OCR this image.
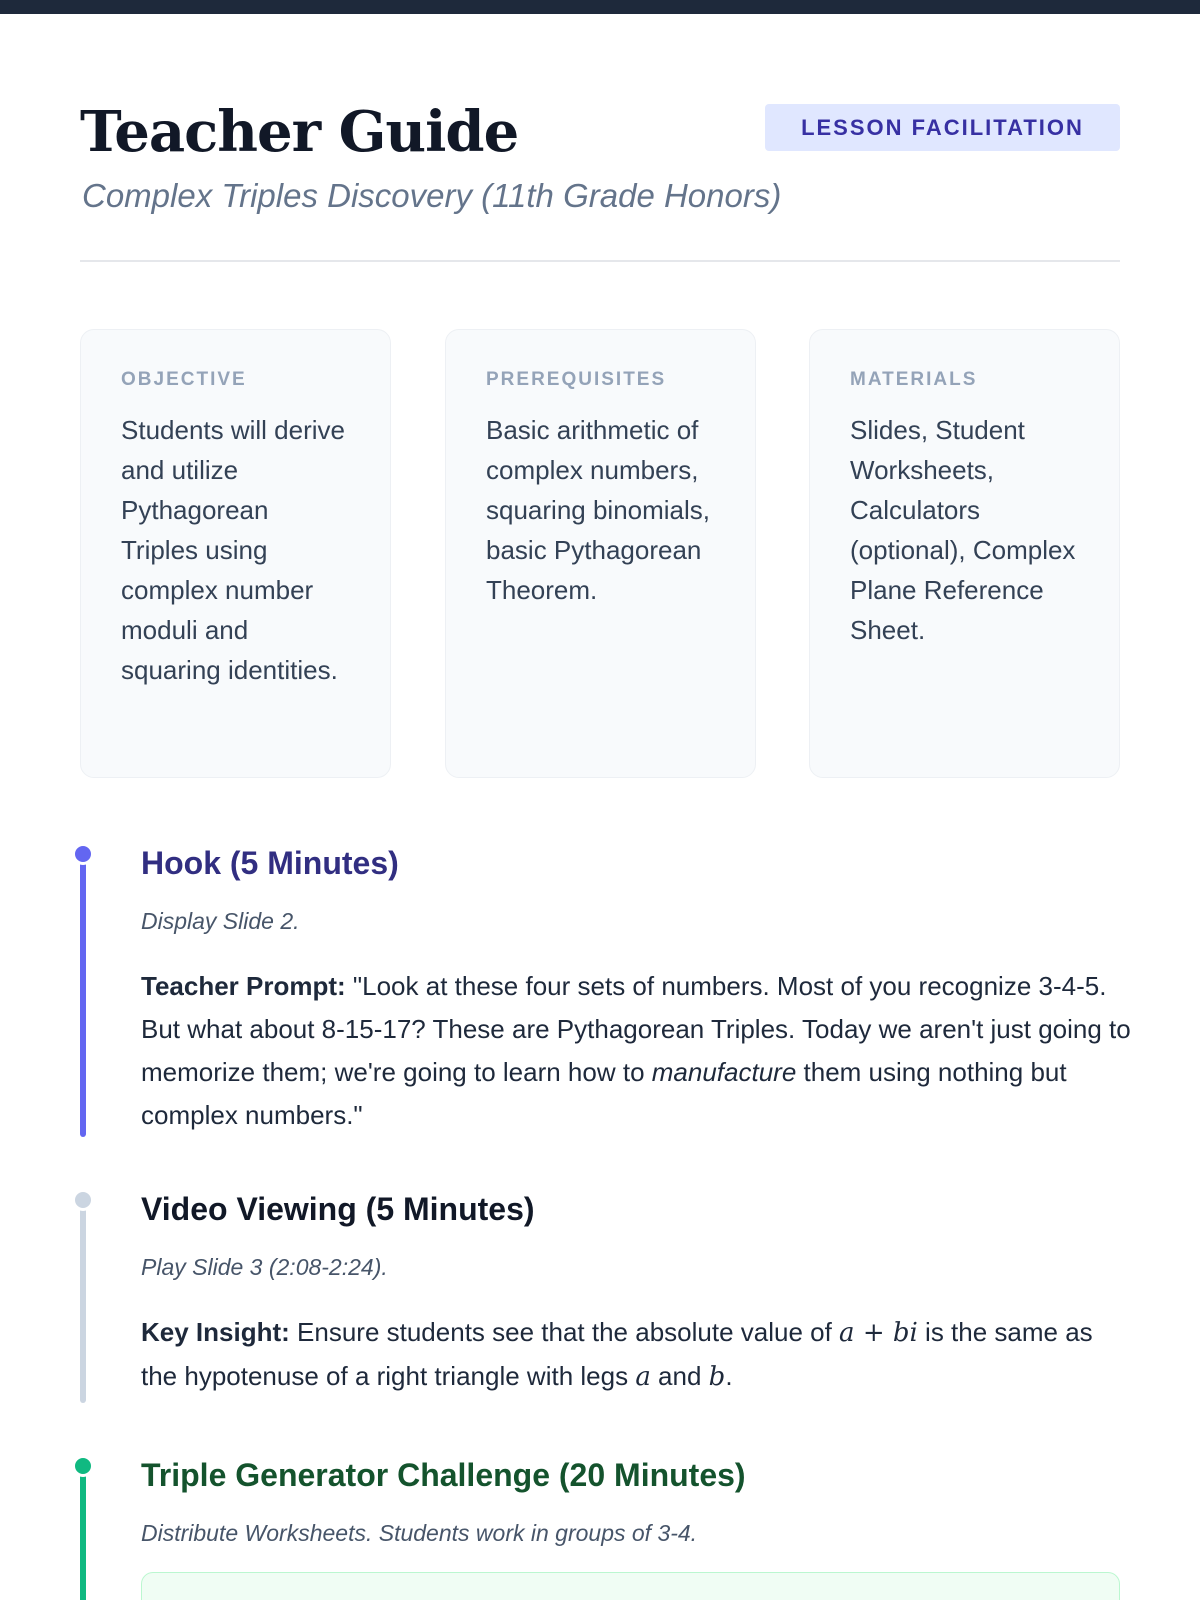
Teacher Guide	LESSON FACILITATION
Complex Triples Discovery (11th Grade Honors)
OBJECTIVE
Students will derive and utilize Pythagorean Triples using complex number moduli and squaring identities.
PREREQUISITES
Basic arithmetic of complex numbers, squaring binomials, basic Pythagorean Theorem.
MATERIALS
Slides, Student Worksheets, Calculators (optional), Complex Plane Reference Sheet.
Hook (5 Minutes)
Display Slide 2.

Teacher Prompt: "Look at these four sets of numbers. Most of you recognize 3-4-5. But what about 8-15-17? These are Pythagorean Triples. Today we aren't just going to memorize them; we're going to learn how to manufacture them using nothing but complex numbers."

Video Viewing (5 Minutes)
Play Slide 3 (2:08-2:24).

Key Insight: Ensure students see that the absolute value of a + bi is the same as the hypotenuse of a right triangle with legs a and b.

Triple Generator Challenge (20 Minutes)
Distribute Worksheets. Students work in groups of 3-4.
